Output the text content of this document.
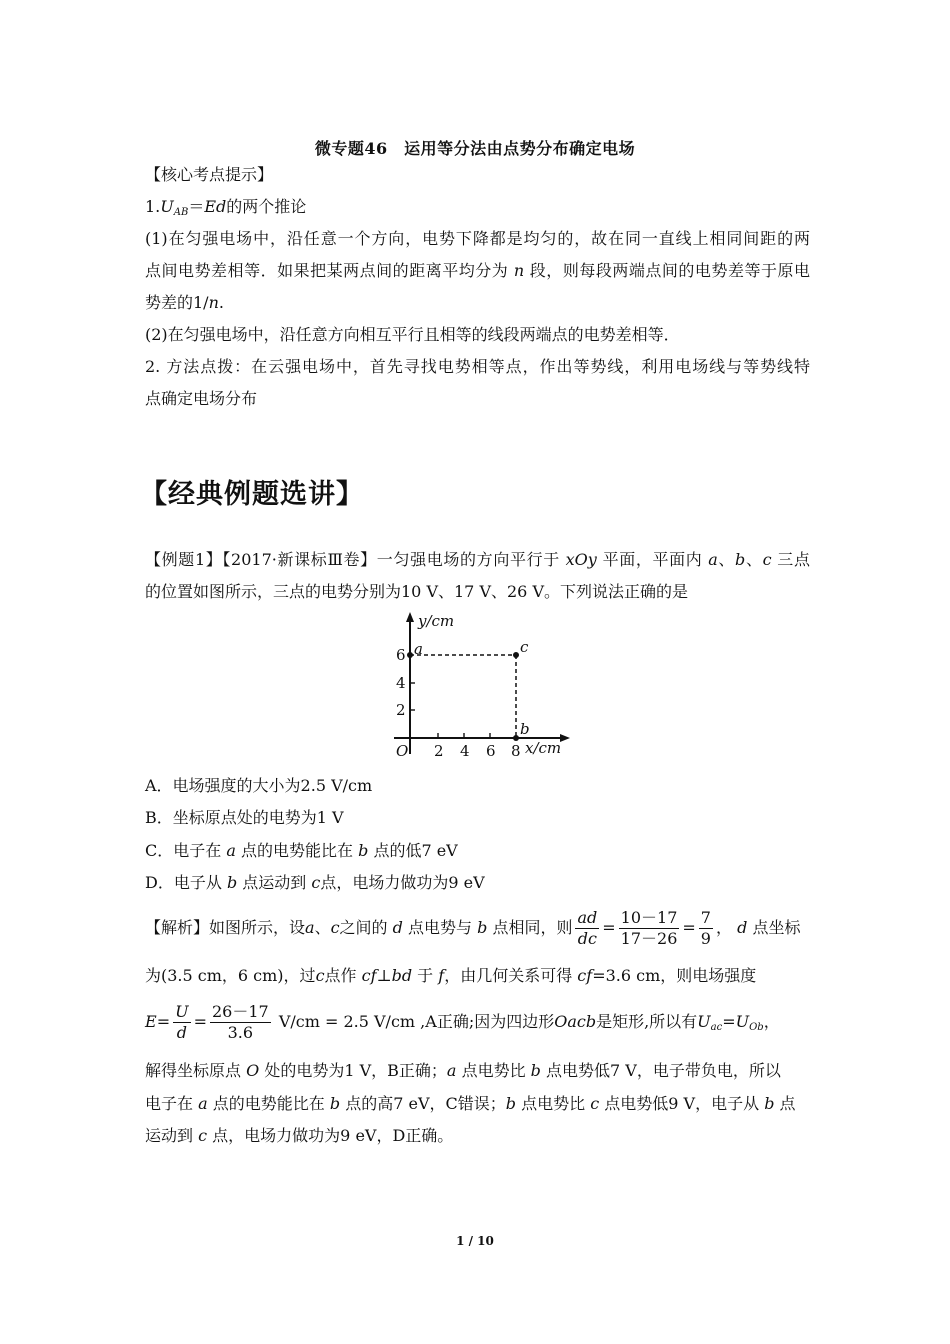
微专题46　运用等分法由点势分布确定电场
【核心考点提示】
$1.U_{AB}=Ed$的两个推论
(1)在匀强电场中，沿任意一个方向，电势下降都是均匀的，故在同一直线上相同间距的两
点间电势差相等．如果把某两点间的距离平均分为 n 段，则每段两端点间的电势差等于原电
势差的1/n.
(2)在匀强电场中，沿任意方向相互平行且相等的线段两端点的电势差相等．
2. 方法点拨：在云强电场中，首先寻找电势相等点，作出等势线，利用电场线与等势线特
点确定电场分布
【经典例题选讲】
【例题1】【2017·新课标Ⅲ卷】一匀强电场的方向平行于 xOy 平面，平面内 a、b、c 三点
的位置如图所示，三点的电势分别为10 V、17 V、26 V。下列说法正确的是
y/cm
6
4
2
a	c
b
O 2 4 6 8 x/cm
A．电场强度的大小为2.5 V/cm
B．坐标原点处的电势为1 V
C．电子在 a 点的电势能比在 b 点的低7 eV
D．电子从 b 点运动到 c点，电场力做功为9 eV
【解析】如图所示，设a、c之间的 d 点电势与 b 点相同，则 $\frac{ad}{dc} = \frac{10-17}{17-26} = \frac{7}{9}$ ， d 点坐标
为(3.5 cm，6 cm)，过c点作 cf⊥bd 于 f，由几何关系可得 cf=3.6 cm，则电场强度
$E= \frac{U}{d} = \frac{26-17}{3.6} V/cm = 2.5$ V/cm ,A正确;因为四边形Oacb是矩形,所以有$U_{ac}=U_{Ob}$，
解得坐标原点 O 处的电势为1 V，B正确；a 点电势比 b 点电势低7 V，电子带负电，所以
电子在 a 点的电势能比在 b 点的高7 eV，C错误；b 点电势比 c 点电势低9 V，电子从 b 点
运动到 c 点，电场力做功为9 eV，D正确。
1 / 10
